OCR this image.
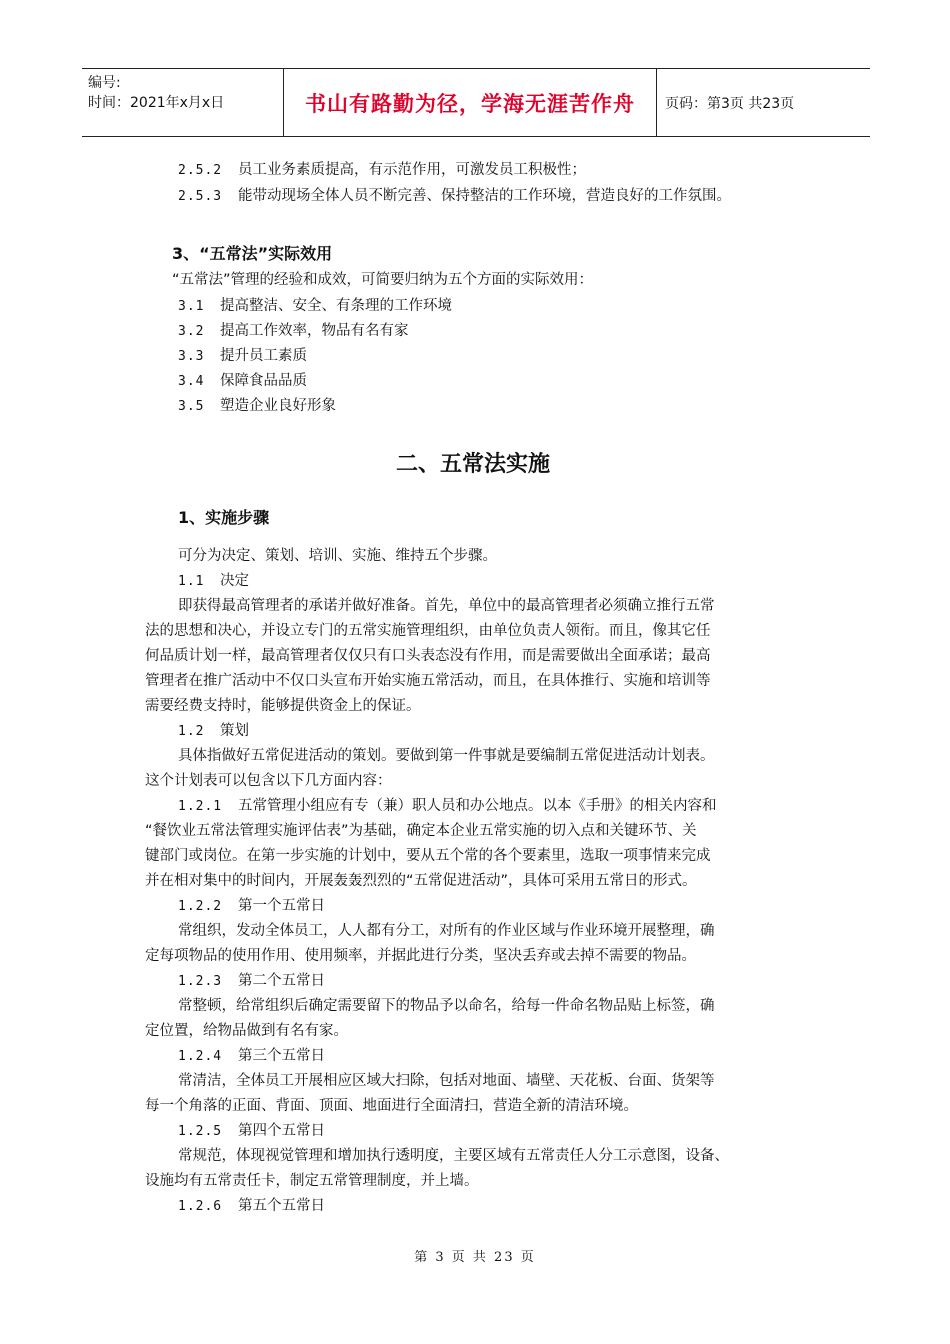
编号:
时间：2021年x月x日	书山有路勤为径，学海无涯苦作舟	页码：第3页 共23页
2.5.2 员工业务素质提高，有示范作用，可激发员工积极性；
2.5.3 能带动现场全体人员不断完善、保持整洁的工作环境，营造良好的工作氛围。
3、“五常法”实际效用
“五常法”管理的经验和成效，可简要归纳为五个方面的实际效用：
3.1 提高整洁、安全、有条理的工作环境
3.2 提高工作效率，物品有名有家
3.3 提升员工素质
3.4 保障食品品质
3.5 塑造企业良好形象
二、五常法实施
1、实施步骤
可分为决定、策划、培训、实施、维持五个步骤。
1.1 决定
即获得最高管理者的承诺并做好准备。首先，单位中的最高管理者必须确立推行五常
法的思想和决心，并设立专门的五常实施管理组织，由单位负责人领衔。而且，像其它任
何品质计划一样，最高管理者仅仅只有口头表态没有作用，而是需要做出全面承诺；最高
管理者在推广活动中不仅口头宣布开始实施五常活动，而且，在具体推行、实施和培训等
需要经费支持时，能够提供资金上的保证。
1.2 策划
具体指做好五常促进活动的策划。要做到第一件事就是要编制五常促进活动计划表。
这个计划表可以包含以下几方面内容：
1.2.1 五常管理小组应有专（兼）职人员和办公地点。以本《手册》的相关内容和
“餐饮业五常法管理实施评估表”为基础，确定本企业五常实施的切入点和关键环节、关
键部门或岗位。在第一步实施的计划中，要从五个常的各个要素里，选取一项事情来完成
并在相对集中的时间内，开展轰轰烈烈的“五常促进活动”，具体可采用五常日的形式。
1.2.2 第一个五常日
常组织，发动全体员工，人人都有分工，对所有的作业区域与作业环境开展整理，确
定每项物品的使用作用、使用频率，并据此进行分类，坚决丢弃或去掉不需要的物品。
1.2.3 第二个五常日
常整顿，给常组织后确定需要留下的物品予以命名，给每一件命名物品贴上标签，确
定位置，给物品做到有名有家。
1.2.4 第三个五常日
常清洁，全体员工开展相应区域大扫除，包括对地面、墙壁、天花板、台面、货架等
每一个角落的正面、背面、顶面、地面进行全面清扫，营造全新的清洁环境。
1.2.5 第四个五常日
常规范，体现视觉管理和增加执行透明度，主要区域有五常责任人分工示意图，设备、
设施均有五常责任卡，制定五常管理制度，并上墙。
1.2.6 第五个五常日
第 3 页 共 23 页
